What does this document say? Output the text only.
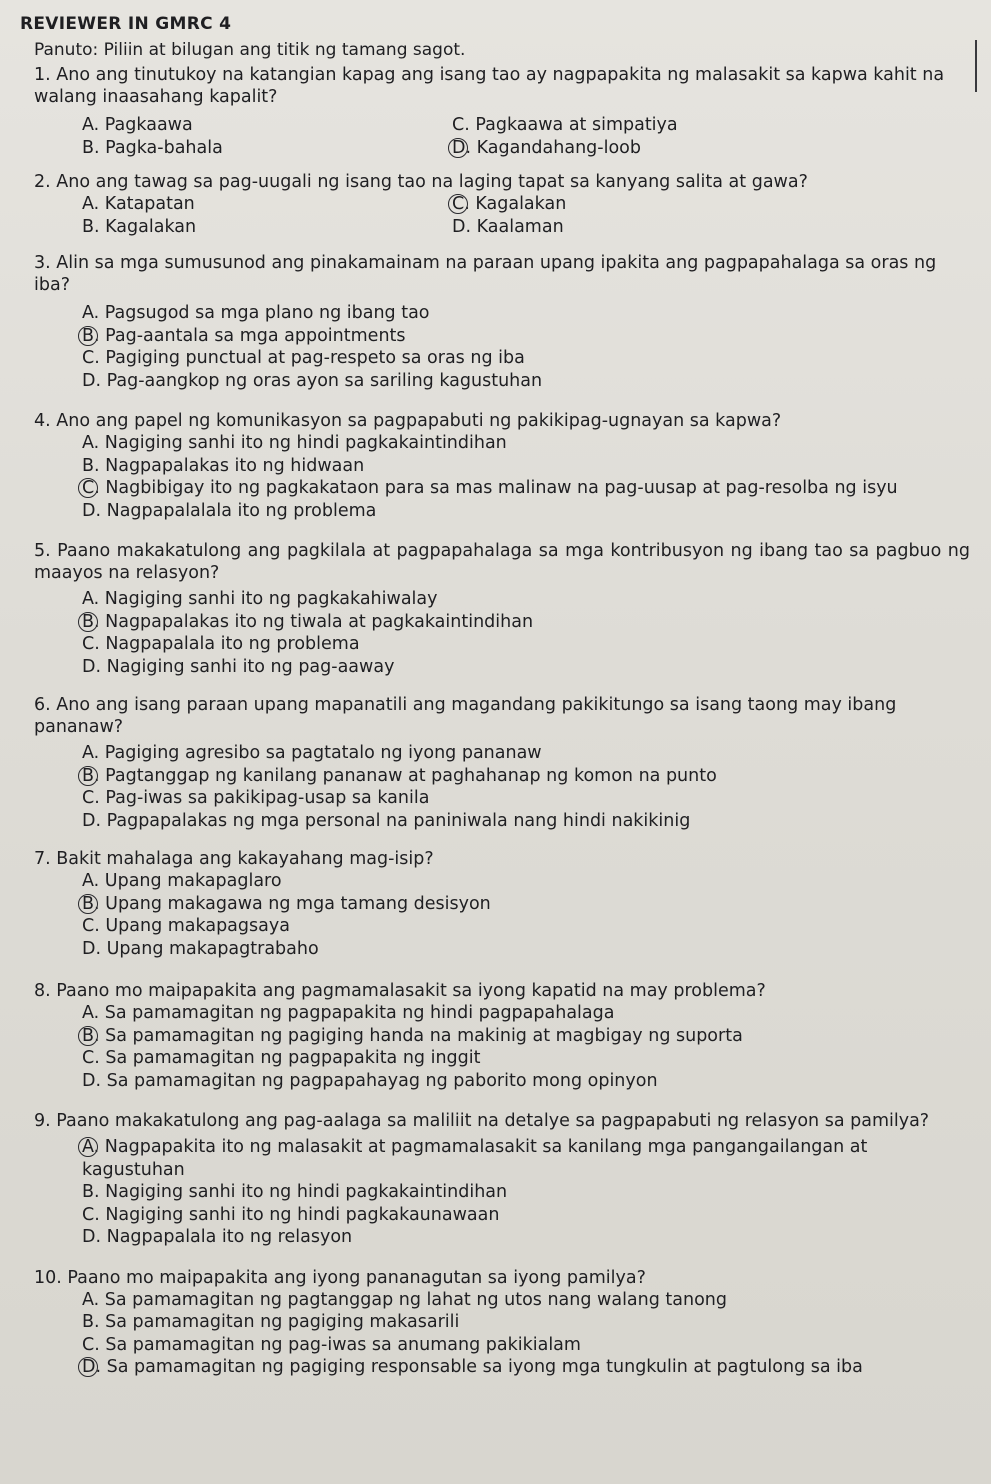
REVIEWER IN GMRC 4
Panuto: Piliin at bilugan ang titik ng tamang sagot.
1. Ano ang tinutukoy na katangian kapag ang isang tao ay nagpapakita ng malasakit sa kapwa kahit na walang inaasahang kapalit?
A. Pagkaawa	C. Pagkaawa at simpatiya
B. Pagka-bahala	D. Kagandahang-loob
2. Ano ang tawag sa pag-uugali ng isang tao na laging tapat sa kanyang salita at gawa?
A. Katapatan	C. Kagalakan
B. Kagalakan	D. Kaalaman
3. Alin sa mga sumusunod ang pinakamainam na paraan upang ipakita ang pagpapahalaga sa oras ng iba?
A. Pagsugod sa mga plano ng ibang tao
B. Pag-aantala sa mga appointments
C. Pagiging punctual at pag-respeto sa oras ng iba
D. Pag-aangkop ng oras ayon sa sariling kagustuhan
4. Ano ang papel ng komunikasyon sa pagpapabuti ng pakikipag-ugnayan sa kapwa?
A. Nagiging sanhi ito ng hindi pagkakaintindihan
B. Nagpapalakas ito ng hidwaan
C. Nagbibigay ito ng pagkakataon para sa mas malinaw na pag-uusap at pag-resolba ng isyu
D. Nagpapalalala ito ng problema
5. Paano makakatulong ang pagkilala at pagpapahalaga sa mga kontribusyon ng ibang tao sa pagbuo ng maayos na relasyon?
A. Nagiging sanhi ito ng pagkakahiwalay
B. Nagpapalakas ito ng tiwala at pagkakaintindihan
C. Nagpapalala ito ng problema
D. Nagiging sanhi ito ng pag-aaway
6. Ano ang isang paraan upang mapanatili ang magandang pakikitungo sa isang taong may ibang pananaw?
A. Pagiging agresibo sa pagtatalo ng iyong pananaw
B. Pagtanggap ng kanilang pananaw at paghahanap ng komon na punto
C. Pag-iwas sa pakikipag-usap sa kanila
D. Pagpapalakas ng mga personal na paniniwala nang hindi nakikinig
7. Bakit mahalaga ang kakayahang mag-isip?
A. Upang makapaglaro
B. Upang makagawa ng mga tamang desisyon
C. Upang makapagsaya
D. Upang makapagtrabaho
8. Paano mo maipapakita ang pagmamalasakit sa iyong kapatid na may problema?
A. Sa pamamagitan ng pagpapakita ng hindi pagpapahalaga
B. Sa pamamagitan ng pagiging handa na makinig at magbigay ng suporta
C. Sa pamamagitan ng pagpapakita ng inggit
D. Sa pamamagitan ng pagpapahayag ng paborito mong opinyon
9. Paano makakatulong ang pag-aalaga sa maliliit na detalye sa pagpapabuti ng relasyon sa pamilya?
A. Nagpapakita ito ng malasakit at pagmamalasakit sa kanilang mga pangangailangan at kagustuhan
B. Nagiging sanhi ito ng hindi pagkakaintindihan
C. Nagiging sanhi ito ng hindi pagkakaunawaan
D. Nagpapalala ito ng relasyon
10. Paano mo maipapakita ang iyong pananagutan sa iyong pamilya?
A. Sa pamamagitan ng pagtanggap ng lahat ng utos nang walang tanong
B. Sa pamamagitan ng pagiging makasarili
C. Sa pamamagitan ng pag-iwas sa anumang pakikialam
D. Sa pamamagitan ng pagiging responsable sa iyong mga tungkulin at pagtulong sa iba
